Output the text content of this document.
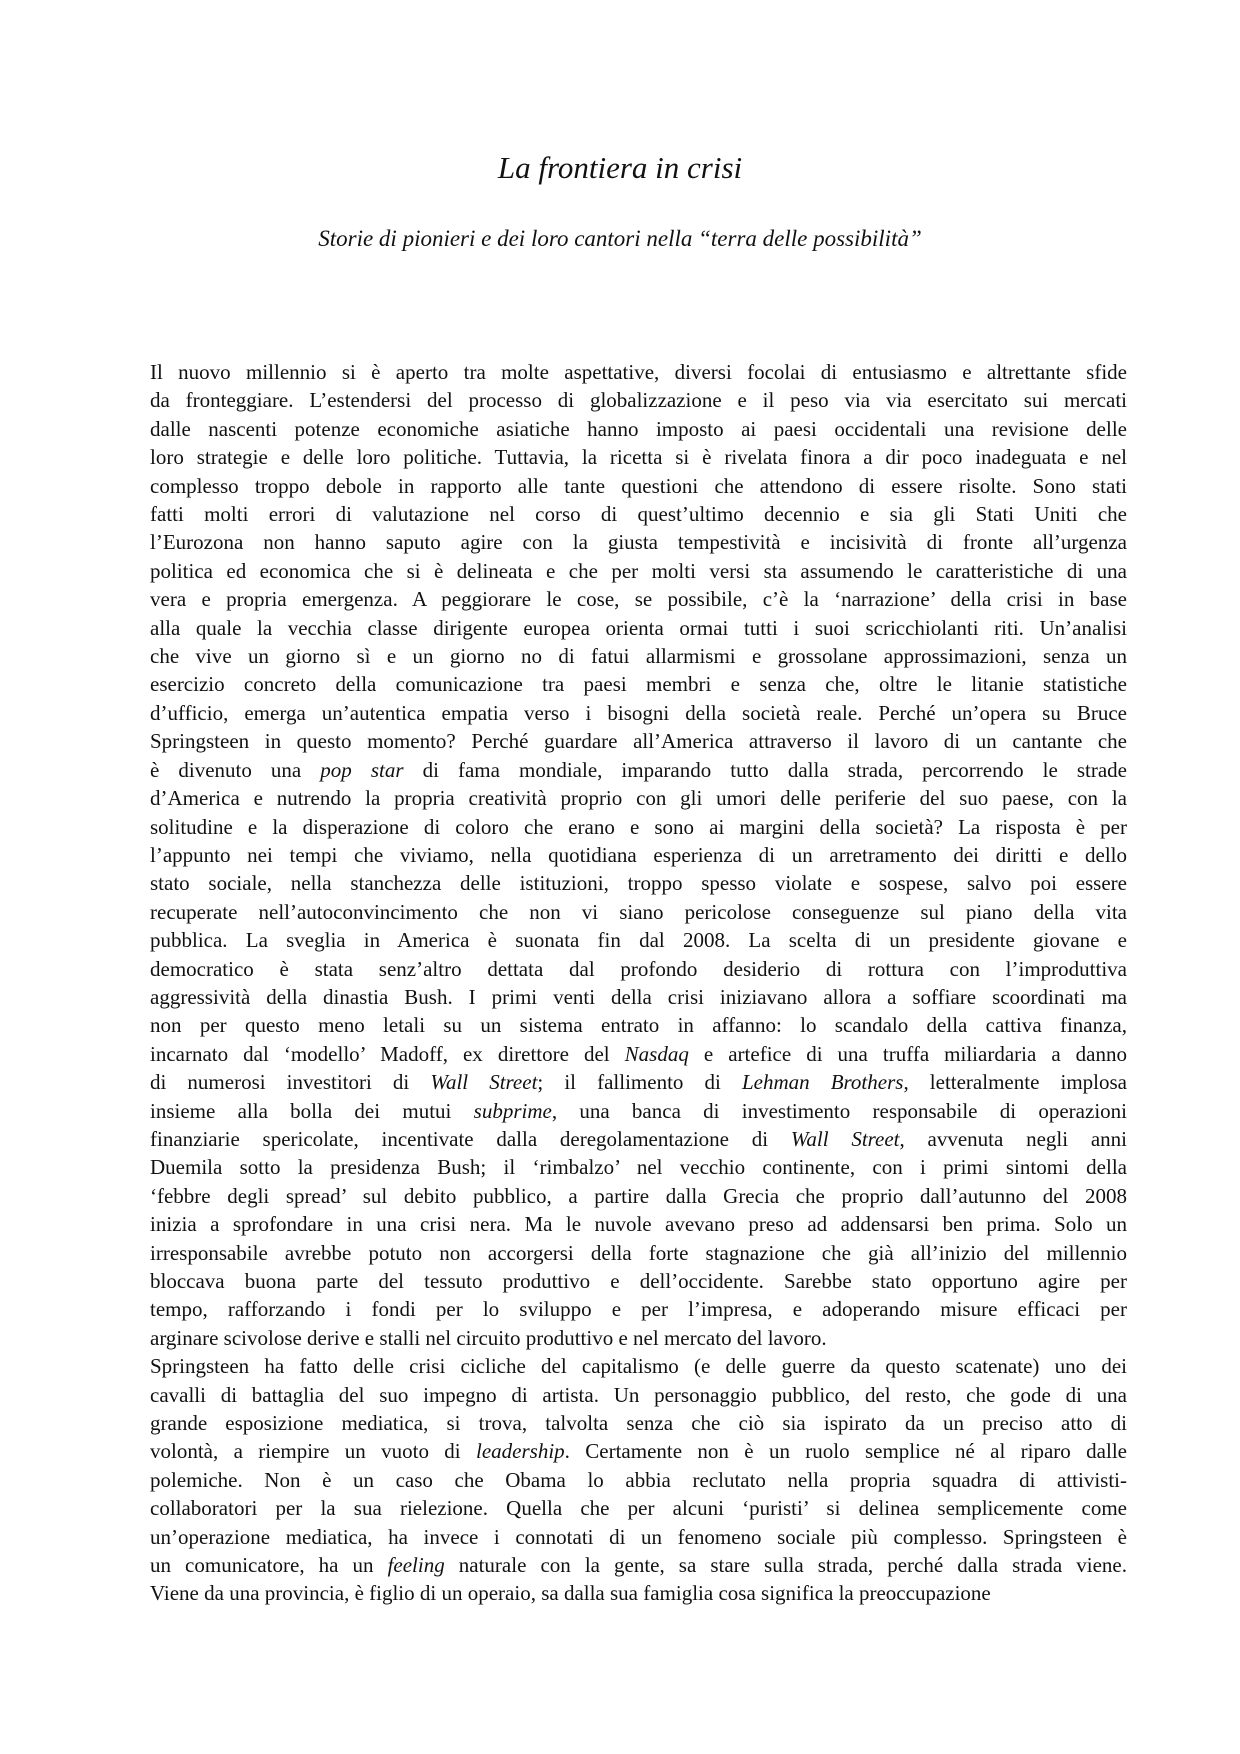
La frontiera in crisi
Storie di pionieri e dei loro cantori nella “terra delle possibilità”

Il nuovo millennio si è aperto tra molte aspettative, diversi focolai di entusiasmo e altrettante sfide
da fronteggiare. L’estendersi del processo di globalizzazione e il peso via via esercitato sui mercati
dalle nascenti potenze economiche asiatiche hanno imposto ai paesi occidentali una revisione delle
loro strategie e delle loro politiche. Tuttavia, la ricetta si è rivelata finora a dir poco inadeguata e nel
complesso troppo debole in rapporto alle tante questioni che attendono di essere risolte. Sono stati
fatti molti errori di valutazione nel corso di quest’ultimo decennio e sia gli Stati Uniti che
l’Eurozona non hanno saputo agire con la giusta tempestività e incisività di fronte all’urgenza
politica ed economica che si è delineata e che per molti versi sta assumendo le caratteristiche di una
vera e propria emergenza. A peggiorare le cose, se possibile, c’è la ‘narrazione’ della crisi in base
alla quale la vecchia classe dirigente europea orienta ormai tutti i suoi scricchiolanti riti. Un’analisi
che vive un giorno sì e un giorno no di fatui allarmismi e grossolane approssimazioni, senza un
esercizio concreto della comunicazione tra paesi membri e senza che, oltre le litanie statistiche
d’ufficio, emerga un’autentica empatia verso i bisogni della società reale. Perché un’opera su Bruce
Springsteen in questo momento? Perché guardare all’America attraverso il lavoro di un cantante che
è divenuto una pop star di fama mondiale, imparando tutto dalla strada, percorrendo le strade
d’America e nutrendo la propria creatività proprio con gli umori delle periferie del suo paese, con la
solitudine e la disperazione di coloro che erano e sono ai margini della società? La risposta è per
l’appunto nei tempi che viviamo, nella quotidiana esperienza di un arretramento dei diritti e dello
stato sociale, nella stanchezza delle istituzioni, troppo spesso violate e sospese, salvo poi essere
recuperate nell’autoconvincimento che non vi siano pericolose conseguenze sul piano della vita
pubblica. La sveglia in America è suonata fin dal 2008. La scelta di un presidente giovane e
democratico è stata senz’altro dettata dal profondo desiderio di rottura con l’improduttiva
aggressività della dinastia Bush. I primi venti della crisi iniziavano allora a soffiare scoordinati ma
non per questo meno letali su un sistema entrato in affanno: lo scandalo della cattiva finanza,
incarnato dal ‘modello’ Madoff, ex direttore del Nasdaq e artefice di una truffa miliardaria a danno
di numerosi investitori di Wall Street; il fallimento di Lehman Brothers, letteralmente implosa
insieme alla bolla dei mutui subprime, una banca di investimento responsabile di operazioni
finanziarie spericolate, incentivate dalla deregolamentazione di Wall Street, avvenuta negli anni
Duemila sotto la presidenza Bush; il ‘rimbalzo’ nel vecchio continente, con i primi sintomi della
‘febbre degli spread’ sul debito pubblico, a partire dalla Grecia che proprio dall’autunno del 2008
inizia a sprofondare in una crisi nera. Ma le nuvole avevano preso ad addensarsi ben prima. Solo un
irresponsabile avrebbe potuto non accorgersi della forte stagnazione che già all’inizio del millennio
bloccava buona parte del tessuto produttivo e dell’occidente. Sarebbe stato opportuno agire per
tempo, rafforzando i fondi per lo sviluppo e per l’impresa, e adoperando misure efficaci per
arginare scivolose derive e stalli nel circuito produttivo e nel mercato del lavoro.

Springsteen ha fatto delle crisi cicliche del capitalismo (e delle guerre da questo scatenate) uno dei
cavalli di battaglia del suo impegno di artista. Un personaggio pubblico, del resto, che gode di una
grande esposizione mediatica, si trova, talvolta senza che ciò sia ispirato da un preciso atto di
volontà, a riempire un vuoto di leadership. Certamente non è un ruolo semplice né al riparo dalle
polemiche. Non è un caso che Obama lo abbia reclutato nella propria squadra di attivisti-
collaboratori per la sua rielezione. Quella che per alcuni ‘puristi’ si delinea semplicemente come
un’operazione mediatica, ha invece i connotati di un fenomeno sociale più complesso. Springsteen è
un comunicatore, ha un feeling naturale con la gente, sa stare sulla strada, perché dalla strada viene.
Viene da una provincia, è figlio di un operaio, sa dalla sua famiglia cosa significa la preoccupazione
